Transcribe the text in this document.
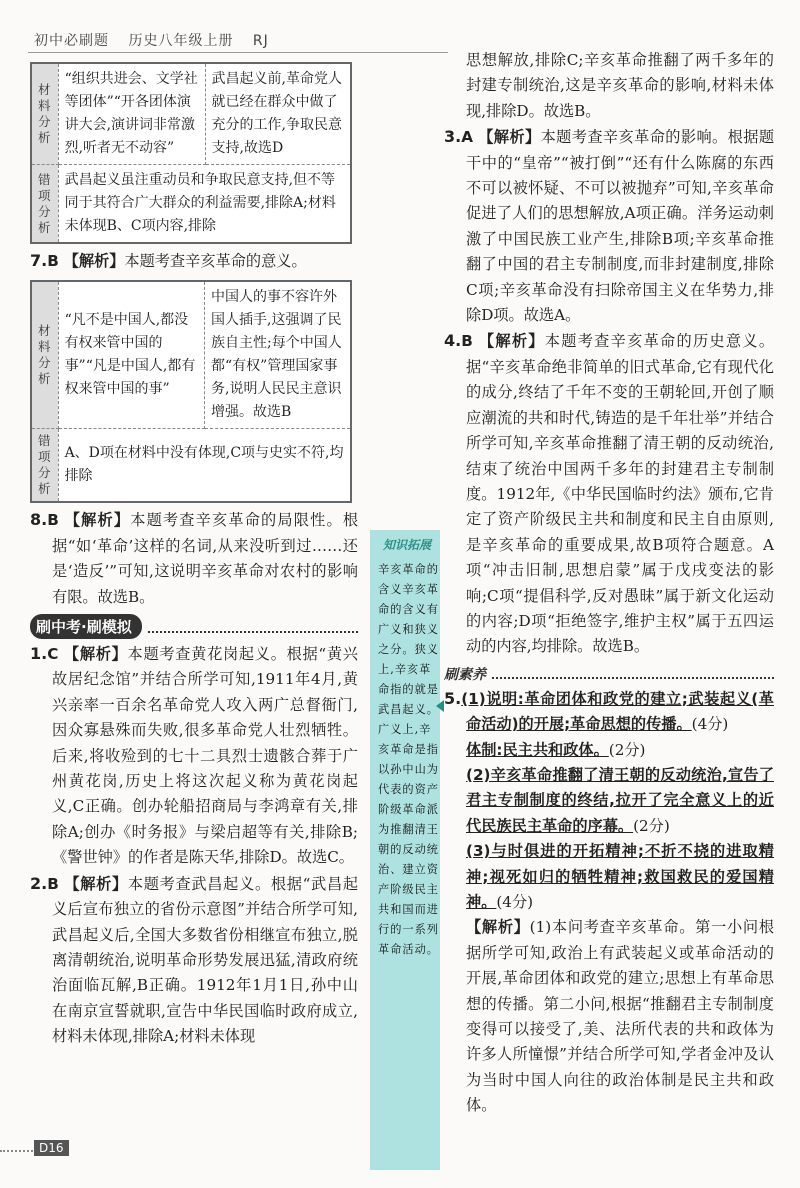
初中必刷题 历史八年级上册 RJ
材料分析	“组织共进会、文学社等团体”“开各团体演讲大会,演讲词非常激烈,听者无不动容”	武昌起义前,革命党人就已经在群众中做了充分的工作,争取民意支持,故选D
错项分析	武昌起义虽注重动员和争取民意支持,但不等同于其符合广大群众的利益需要,排除A;材料未体现B、C项内容,排除	

7.B 【解析】本题考查辛亥革命的意义。

材料分析	“凡不是中国人,都没有权来管中国的事”“凡是中国人,都有权来管中国的事”	中国人的事不容许外国人插手,这强调了民族自主性;每个中国人都“有权”管理国家事务,说明人民民主意识增强。故选B
错项分析	A、D项在材料中没有体现,C项与史实不符,均排除	

8.B 【解析】本题考查辛亥革命的局限性。根据“如‘革命’这样的名词,从来没听到过……还是‘造反’”可知,这说明辛亥革命对农村的影响有限。故选B。

刷中考·刷模拟

1.C 【解析】本题考查黄花岗起义。根据“黄兴故居纪念馆”并结合所学可知,1911年4月,黄兴亲率一百余名革命党人攻入两广总督衙门,因众寡悬殊而失败,很多革命党人壮烈牺牲。后来,将收殓到的七十二具烈士遗骸合葬于广州黄花岗,历史上将这次起义称为黄花岗起义,C正确。创办轮船招商局与李鸿章有关,排除A;创办《时务报》与梁启超等有关,排除B;《警世钟》的作者是陈天华,排除D。故选C。

2.B 【解析】本题考查武昌起义。根据“武昌起义后宣布独立的省份示意图”并结合所学可知,武昌起义后,全国大多数省份相继宣布独立,脱离清朝统治,说明革命形势发展迅猛,清政府统治面临瓦解,B正确。1912年1月1日,孙中山在南京宣誓就职,宣告中华民国临时政府成立,材料未体现,排除A;材料未体现

知识拓展
辛亥革命的含义辛亥革命的含义有广义和狭义之分。狭义上,辛亥革命指的就是武昌起义。广义上,辛亥革命是指以孙中山为代表的资产阶级革命派为推翻清王朝的反动统治、建立资产阶级民主共和国而进行的一系列革命活动。

思想解放,排除C;辛亥革命推翻了两千多年的封建专制统治,这是辛亥革命的影响,材料未体现,排除D。故选B。

3.A 【解析】本题考查辛亥革命的影响。根据题干中的“皇帝”“被打倒”“还有什么陈腐的东西不可以被怀疑、不可以被抛弃”可知,辛亥革命促进了人们的思想解放,A项正确。洋务运动刺激了中国民族工业产生,排除B项;辛亥革命推翻了中国的君主专制制度,而非封建制度,排除C项;辛亥革命没有扫除帝国主义在华势力,排除D项。故选A。

4.B 【解析】本题考查辛亥革命的历史意义。据“辛亥革命绝非简单的旧式革命,它有现代化的成分,终结了千年不变的王朝轮回,开创了顺应潮流的共和时代,铸造的是千年壮举”并结合所学可知,辛亥革命推翻了清王朝的反动统治,结束了统治中国两千多年的封建君主专制制度。1912年,《中华民国临时约法》颁布,它肯定了资产阶级民主共和制度和民主自由原则,是辛亥革命的重要成果,故B项符合题意。A项“冲击旧制,思想启蒙”属于戊戌变法的影响;C项“提倡科学,反对愚昧”属于新文化运动的内容;D项“拒绝签字,维护主权”属于五四运动的内容,均排除。故选B。

刷素养

5.(1)说明:革命团体和政党的建立;武装起义(革命活动)的开展;革命思想的传播。(4分)

体制:民主共和政体。(2分)

(2)辛亥革命推翻了清王朝的反动统治,宣告了君主专制制度的终结,拉开了完全意义上的近代民族民主革命的序幕。(2分)

(3)与时俱进的开拓精神;不折不挠的进取精神;视死如归的牺牲精神;救国救民的爱国精神。(4分)

【解析】(1)本问考查辛亥革命。第一小问根据所学可知,政治上有武装起义或革命活动的开展,革命团体和政党的建立;思想上有革命思想的传播。第二小问,根据“推翻君主专制制度变得可以接受了,美、法所代表的共和政体为许多人所憧憬”并结合所学可知,学者金冲及认为当时中国人向往的政治体制是民主共和政体。

D16
